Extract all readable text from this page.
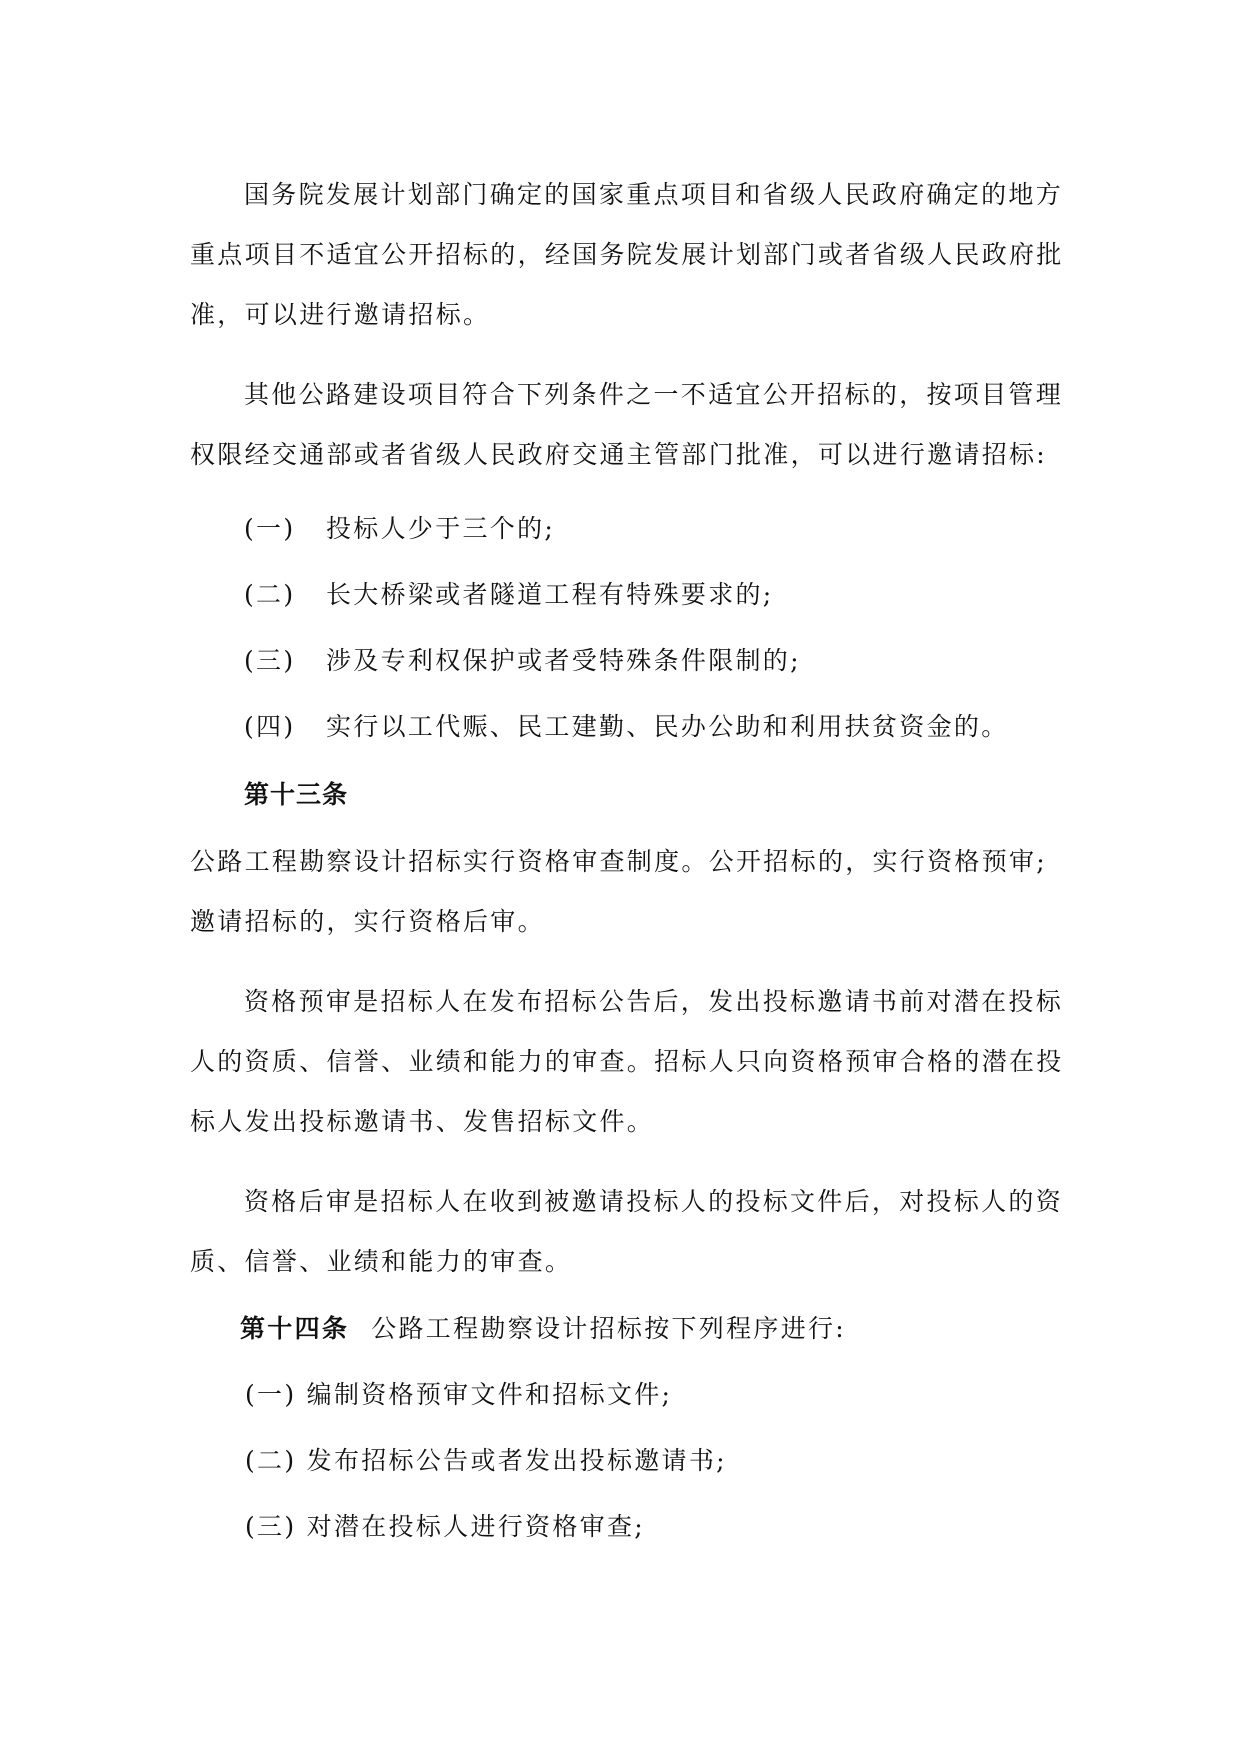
国务院发展计划部门确定的国家重点项目和省级人民政府确定的地方
重点项目不适宜公开招标的，经国务院发展计划部门或者省级人民政府批
准，可以进行邀请招标。
其他公路建设项目符合下列条件之一不适宜公开招标的，按项目管理
权限经交通部或者省级人民政府交通主管部门批准，可以进行邀请招标:
(一) 投标人少于三个的;
(二) 长大桥梁或者隧道工程有特殊要求的;
(三) 涉及专利权保护或者受特殊条件限制的;
(四) 实行以工代赈、民工建勤、民办公助和利用扶贫资金的。
第十三条
公路工程勘察设计招标实行资格审查制度。公开招标的，实行资格预审;
邀请招标的，实行资格后审。
资格预审是招标人在发布招标公告后，发出投标邀请书前对潜在投标
人的资质、信誉、业绩和能力的审查。招标人只向资格预审合格的潜在投
标人发出投标邀请书、发售招标文件。
资格后审是招标人在收到被邀请投标人的投标文件后，对投标人的资
质、信誉、业绩和能力的审查。
第十四条 公路工程勘察设计招标按下列程序进行:
(一) 编制资格预审文件和招标文件;
(二) 发布招标公告或者发出投标邀请书;
(三) 对潜在投标人进行资格审查;
